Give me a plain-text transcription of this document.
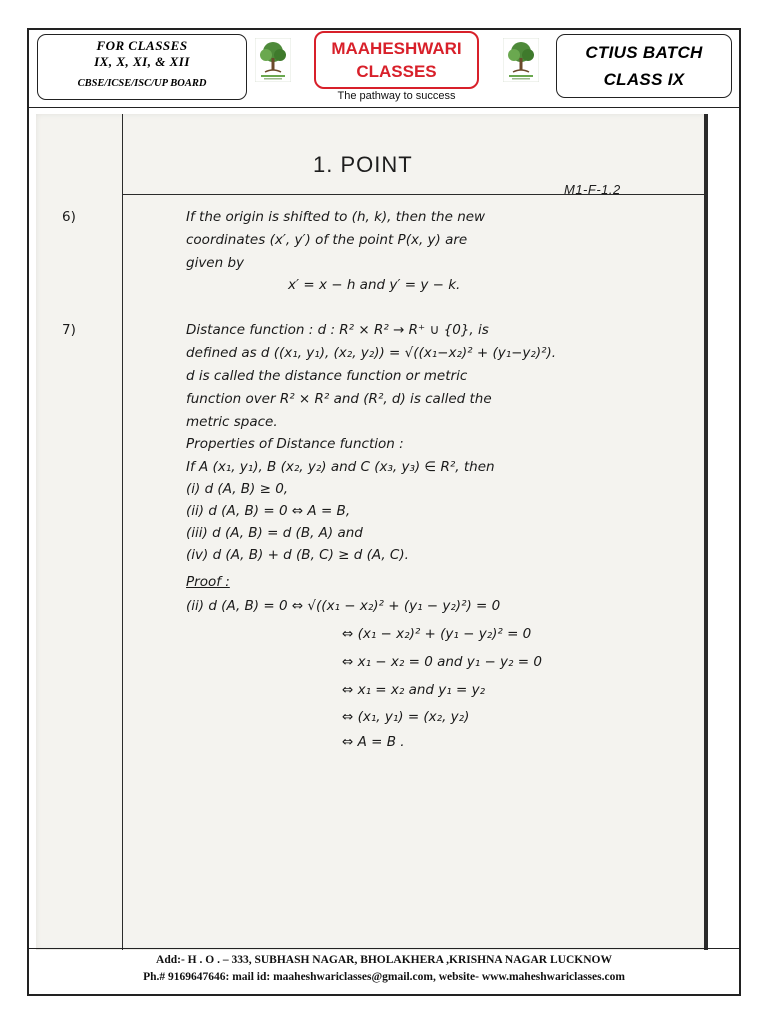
FOR CLASSES
IX, X, XI, & XII
CBSE/ICSE/ISC/UP BOARD
MAAHESHWARI
CLASSES
The pathway to success
CTIUS BATCH
CLASS IX
1. POINT
M1-F-1.2
6)	If the origin is shifted to (h, k), then the new
coordinates (x′, y′) of the point P(x, y) are
given by
x′ = x − h and y′ = y − k.
7)	Distance function : d : R² × R² → R⁺ ∪ {0}, is
defined as d ((x₁, y₁), (x₂, y₂)) = √((x₁−x₂)² + (y₁−y₂)²).
d is called the distance function or metric
function over R² × R² and (R², d) is called the
metric space.
Properties of Distance function :
If A (x₁, y₁), B (x₂, y₂) and C (x₃, y₃) ∈ R², then
(i) d (A, B) ≥ 0,
(ii) d (A, B) = 0 ⇔ A = B,
(iii) d (A, B) = d (B, A) and
(iv) d (A, B) + d (B, C) ≥ d (A, C).
Proof :
(ii) d (A, B) = 0 ⇔ √((x₁ − x₂)² + (y₁ − y₂)²) = 0
⇔ (x₁ − x₂)² + (y₁ − y₂)² = 0
⇔ x₁ − x₂ = 0 and y₁ − y₂ = 0
⇔ x₁ = x₂ and y₁ = y₂
⇔ (x₁, y₁) = (x₂, y₂)
⇔ A = B .
Add:- H . O . – 333, SUBHASH NAGAR, BHOLAKHERA ,KRISHNA NAGAR LUCKNOW
Ph.# 9169647646: mail id: maaheshwariclasses@gmail.com, website- www.maheshwariclasses.com
